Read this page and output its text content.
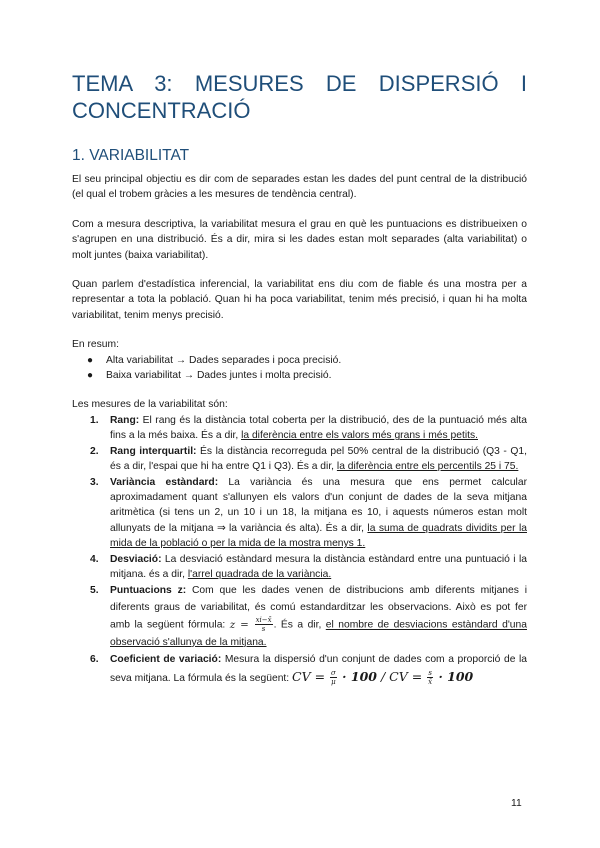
TEMA 3: MESURES DE DISPERSIÓ I CONCENTRACIÓ
1. VARIABILITAT

El seu principal objectiu es dir com de separades estan les dades del punt central de la distribució (el qual el trobem gràcies a les mesures de tendència central).

Com a mesura descriptiva, la variabilitat mesura el grau en què les puntuacions es distribueixen o s'agrupen en una distribució. És a dir, mira si les dades estan molt separades (alta variabilitat) o molt juntes (baixa variabilitat).

Quan parlem d'estadística inferencial, la variabilitat ens diu com de fiable és una mostra per a representar a tota la població. Quan hi ha poca variabilitat, tenim més precisió, i quan hi ha molta variabilitat, tenim menys precisió.

En resum:

● Alta variabilitat → Dades separades i poca precisió.
● Baixa variabilitat → Dades juntes i molta precisió.

Les mesures de la variabilitat són:

1. Rang: El rang és la distància total coberta per la distribució, des de la puntuació més alta fins a la més baixa. És a dir, la diferència entre els valors més grans i més petits.
2. Rang interquartil: És la distància recorreguda pel 50% central de la distribució (Q3 - Q1, és a dir, l'espai que hi ha entre Q1 i Q3). És a dir, la diferència entre els percentils 25 i 75.
3. Variància estàndard: La variància és una mesura que ens permet calcular aproximadament quant s'allunyen els valors d'un conjunt de dades de la seva mitjana aritmètica (si tens un 2, un 10 i un 18, la mitjana es 10, i aquests números estan molt allunyats de la mitjana ⇒ la variància és alta). És a dir, la suma de quadrats dividits per la mida de la població o per la mida de la mostra menys 1.
4. Desviació: La desviació estàndard mesura la distància estàndard entre una puntuació i la mitjana. és a dir, l'arrel quadrada de la variància.
5. Puntuacions z: Com que les dades venen de distribucions amb diferents mitjanes i diferents graus de variabilitat, és comú estandarditzar les observacions. Això es pot fer amb la següent fórmula: $z = \frac{xi-x̄}{s}$ . És a dir, el nombre de desviacions estàndard d'una observació s'allunya de la mitjana.
6. Coeficient de variació: Mesura la dispersió d'un conjunt de dades com a proporció de la seva mitjana. La fórmula és la següent: CV = $\frac{\sigma}{\mu} \cdot 100$ / CV = $\frac{s}{x̄} \cdot 100$
11
